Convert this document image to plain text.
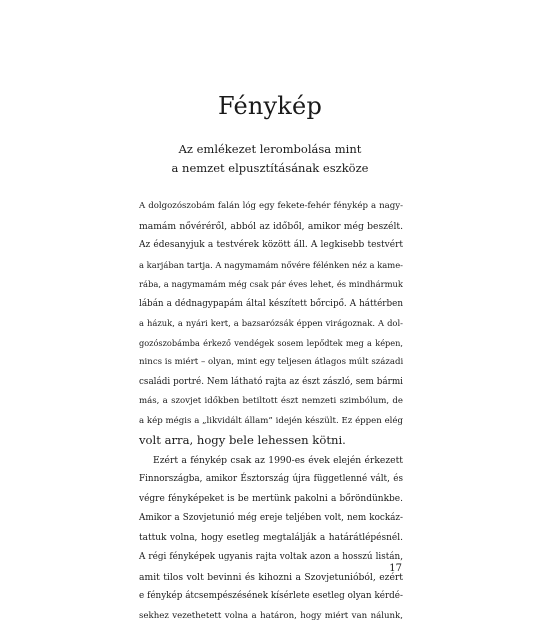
Fénykép
Az emlékezet lerombolása mint
a nemzet elpusztításának eszköze
A dolgozószobám falán lóg egy fekete-fehér fénykép a nagy-
mamám nővéréről, abból az időből, amikor még beszélt.
Az édesanyjuk a testvérek között áll. A legkisebb testvért
a karjában tartja. A nagymamám nővére félénken néz a kame-
rába, a nagymamám még csak pár éves lehet, és mindhármuk
lábán a dédnagypapám által készített bőrcipő. A háttérben
a házuk, a nyári kert, a bazsarózsák éppen virágoznak. A dol-
gozószobámba érkező vendégek sosem lepődtek meg a képen,
nincs is miért – olyan, mint egy teljesen átlagos múlt századi
családi portré. Nem látható rajta az észt zászló, sem bármi
más, a szovjet időkben betiltott észt nemzeti szimbólum, de
a kép mégis a „likvidált állam” idején készült. Ez éppen elég
volt arra, hogy bele lehessen kötni.
Ezért a fénykép csak az 1990-es évek elején érkezett
Finnországba, amikor Észtország újra függetlenné vált, és
végre fényképeket is be mertünk pakolni a bőröndünkbe.
Amikor a Szovjetunió még ereje teljében volt, nem kockáz-
tattuk volna, hogy esetleg megtalálják a határátlépésnél.
A régi fényképek ugyanis rajta voltak azon a hosszú listán,
amit tilos volt bevinni és kihozni a Szovjetunióból, ezért
e fénykép átcsempészésének kísérlete esetleg olyan kérdé-
sekhez vezethetett volna a határon, hogy miért van nálunk,
17
